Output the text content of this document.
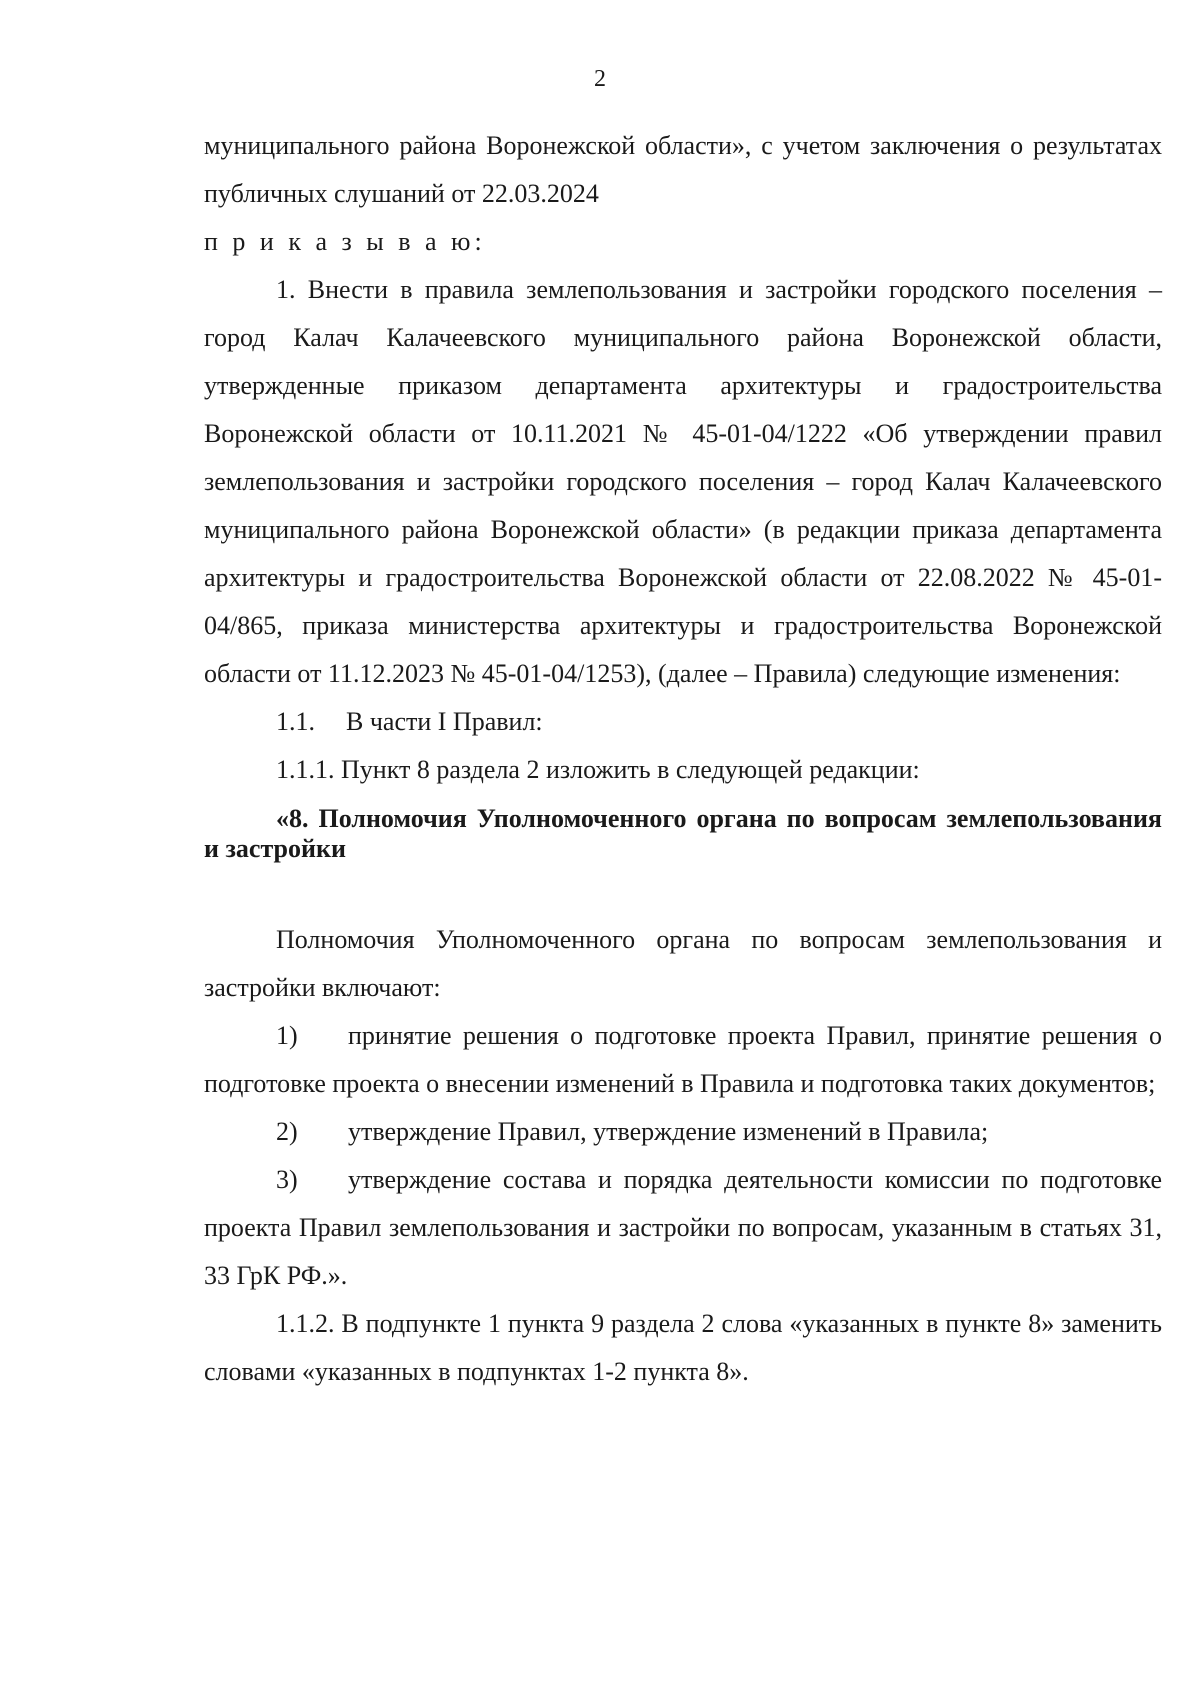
2

муниципального района Воронежской области», с учетом заключения о результатах публичных слушаний от 22.03.2024

п р и к а з ы в а ю:

1. Внести в правила землепользования и застройки городского поселения – город Калач Калачеевского муниципального района Воронежской области, утвержденные приказом департамента архитектуры и градостроительства Воронежской области от 10.11.2021 № 45-01-04/1222 «Об утверждении правил землепользования и застройки городского поселения – город Калач Калачеевского муниципального района Воронежской области» (в редакции приказа департамента архитектуры и градостроительства Воронежской области от 22.08.2022 № 45-01-04/865, приказа министерства архитектуры и градостроительства Воронежской области от 11.12.2023 № 45-01-04/1253), (далее – Правила) следующие изменения:

1.1. В части I Правил:

1.1.1. Пункт 8 раздела 2 изложить в следующей редакции:

«8. Полномочия Уполномоченного органа по вопросам землепользования и застройки

Полномочия Уполномоченного органа по вопросам землепользования и застройки включают:

1) принятие решения о подготовке проекта Правил, принятие решения о подготовке проекта о внесении изменений в Правила и подготовка таких документов;

2) утверждение Правил, утверждение изменений в Правила;

3) утверждение состава и порядка деятельности комиссии по подготовке проекта Правил землепользования и застройки по вопросам, указанным в статьях 31, 33 ГрК РФ.».

1.1.2. В подпункте 1 пункта 9 раздела 2 слова «указанных в пункте 8» заменить словами «указанных в подпунктах 1-2 пункта 8».
